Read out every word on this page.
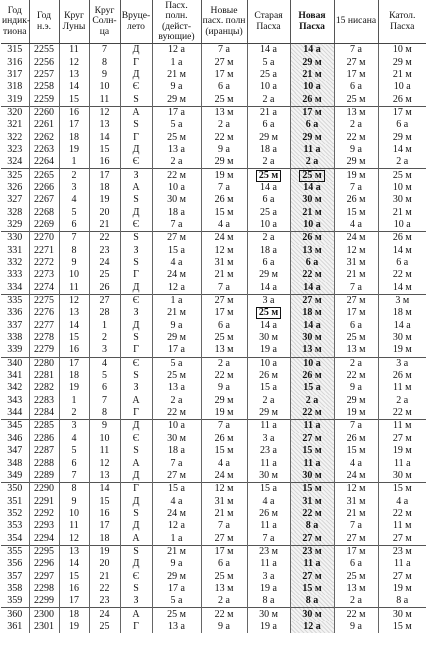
Год индик-тиона	Год н.э.	Круг Луны	Круг Солн-ца	Вруце-лето	Пасх. полн. (дейст-вующие)	Новые пасх. полн (иранцы)	Старая Пасха	Новая Пасха	15 нисана	Катол. Пасха
315	2255	11	7	Д	12 а	7 а	14 а	14 а	7 а	10 м
316	2256	12	8	Г	1 а	27 м	5 а	29 м	27 м	29 м
317	2257	13	9	Д	21 м	17 м	25 а	21 м	17 м	21 м
318	2258	14	10	Є	9 а	6 а	10 а	10 а	6 а	10 а
319	2259	15	11	Ѕ	29 м	25 м	2 а	26 м	25 м	26 м
320	2260	16	12	А	17 а	13 м	21 а	17 м	13 м	17 м
321	2261	17	13	Ѕ	5 а	2 а	6 а	6 а	2 а	6 а
322	2262	18	14	Г	25 м	22 м	29 м	29 м	22 м	29 м
323	2263	19	15	Д	13 а	9 а	18 а	11 а	9 а	14 м
324	2264	1	16	Є	2 а	29 м	2 а	2 а	29 м	2 а
325	2265	2	17	З	22 м	19 м	25 м	25 м	19 м	25 м
326	2266	3	18	А	10 а	7 а	14 а	14 а	7 а	10 м
327	2267	4	19	Ѕ	30 м	26 м	6 а	30 м	26 м	30 м
328	2268	5	20	Д	18 а	15 м	25 а	21 м	15 м	21 м
329	2269	6	21	Є	7 а	4 а	10 а	10 а	4 а	10 а
330	2270	7	22	Ѕ	27 м	24 м	2 а	26 м	24 м	26 м
331	2271	8	23	З	15 а	12 м	18 а	13 м	12 м	14 м
332	2272	9	24	Ѕ	4 а	31 м	6 а	6 а	31 м	6 а
333	2273	10	25	Г	24 м	21 м	29 м	22 м	21 м	22 м
334	2274	11	26	Д	12 а	7 а	14 а	14 а	7 а	14 м
335	2275	12	27	Є	1 а	27 м	3 а	27 м	27 м	3 м
336	2276	13	28	З	21 м	17 м	25 м	18 м	17 м	18 м
337	2277	14	1	Д	9 а	6 а	14 а	14 а	6 а	14 а
338	2278	15	2	Ѕ	29 м	25 м	30 м	30 м	25 м	30 м
339	2279	16	3	Г	17 а	13 м	19 а	13 м	13 м	19 м
340	2280	17	4	Є	5 а	2 а	10 а	10 а	2 а	3 а
341	2281	18	5	Ѕ	25 м	22 м	26 м	26 м	22 м	26 м
342	2282	19	6	З	13 а	9 а	15 а	15 а	9 а	11 м
343	2283	1	7	А	2 а	29 м	2 а	2 а	29 м	2 а
344	2284	2	8	Г	22 м	19 м	29 м	22 м	19 м	22 м
345	2285	3	9	Д	10 а	7 а	11 а	11 а	7 а	11 м
346	2286	4	10	Є	30 м	26 м	3 а	27 м	26 м	27 м
347	2287	5	11	Ѕ	18 а	15 м	23 а	15 м	15 м	19 м
348	2288	6	12	А	7 а	4 а	11 а	11 а	4 а	11 а
349	2289	7	13	Д	27 м	24 м	30 м	30 м	24 м	30 м
350	2290	8	14	Г	15 а	12 м	15 а	15 м	12 м	15 м
351	2291	9	15	Д	4 а	31 м	4 а	31 м	31 м	4 а
352	2292	10	16	Ѕ	24 м	21 м	26 м	22 м	21 м	22 м
353	2293	11	17	Д	12 а	7 а	11 а	8 а	7 а	11 м
354	2294	12	18	А	1 а	27 м	7 а	27 м	27 м	27 м
355	2295	13	19	Ѕ	21 м	17 м	23 м	23 м	17 м	23 м
356	2296	14	20	Д	9 а	6 а	11 а	11 а	6 а	11 а
357	2297	15	21	Є	29 м	25 м	3 а	27 м	25 м	27 м
358	2298	16	22	Ѕ	17 а	13 м	19 а	15 м	13 м	19 м
359	2299	17	23	З	5 а	2 а	8 а	8 а	2 а	8 а
360	2300	18	24	А	25 м	22 м	30 м	30 м	22 м	30 м
361	2301	19	25	Г	13 а	9 а	19 а	12 а	9 а	15 м
